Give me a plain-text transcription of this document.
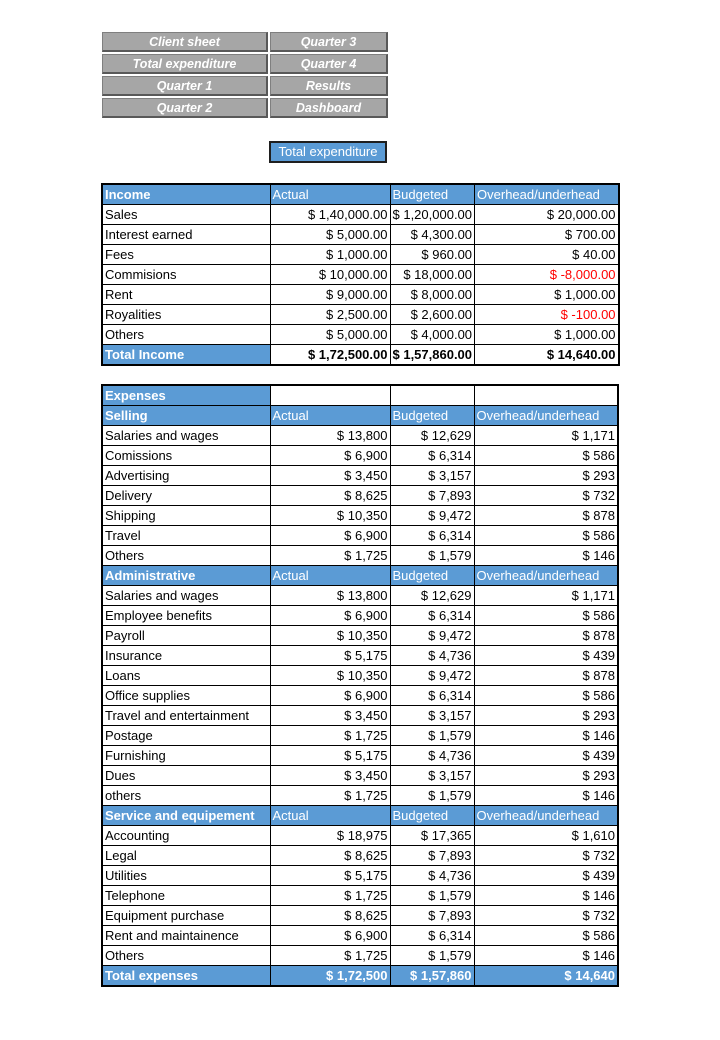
Client sheet	Quarter 3
Total expenditure	Quarter 4
Quarter 1	Results
Quarter 2	Dashboard
Total expenditure
Income	Actual	Budgeted	Overhead/underhead
Sales	$ 1,40,000.00	$ 1,20,000.00	$ 20,000.00
Interest earned	$ 5,000.00	$ 4,300.00	$ 700.00
Fees	$ 1,000.00	$ 960.00	$ 40.00
Commisions	$ 10,000.00	$ 18,000.00	$ -8,000.00
Rent	$ 9,000.00	$ 8,000.00	$ 1,000.00
Royalities	$ 2,500.00	$ 2,600.00	$ -100.00
Others	$ 5,000.00	$ 4,000.00	$ 1,000.00
Total Income	$ 1,72,500.00	$ 1,57,860.00	$ 14,640.00
Expenses			
Selling	Actual	Budgeted	Overhead/underhead
Salaries and wages	$ 13,800	$ 12,629	$ 1,171
Comissions	$ 6,900	$ 6,314	$ 586
Advertising	$ 3,450	$ 3,157	$ 293
Delivery	$ 8,625	$ 7,893	$ 732
Shipping	$ 10,350	$ 9,472	$ 878
Travel	$ 6,900	$ 6,314	$ 586
Others	$ 1,725	$ 1,579	$ 146
Administrative	Actual	Budgeted	Overhead/underhead
Salaries and wages	$ 13,800	$ 12,629	$ 1,171
Employee benefits	$ 6,900	$ 6,314	$ 586
Payroll	$ 10,350	$ 9,472	$ 878
Insurance	$ 5,175	$ 4,736	$ 439
Loans	$ 10,350	$ 9,472	$ 878
Office supplies	$ 6,900	$ 6,314	$ 586
Travel and entertainment	$ 3,450	$ 3,157	$ 293
Postage	$ 1,725	$ 1,579	$ 146
Furnishing	$ 5,175	$ 4,736	$ 439
Dues	$ 3,450	$ 3,157	$ 293
others	$ 1,725	$ 1,579	$ 146
Service and equipement	Actual	Budgeted	Overhead/underhead
Accounting	$ 18,975	$ 17,365	$ 1,610
Legal	$ 8,625	$ 7,893	$ 732
Utilities	$ 5,175	$ 4,736	$ 439
Telephone	$ 1,725	$ 1,579	$ 146
Equipment purchase	$ 8,625	$ 7,893	$ 732
Rent and maintainence	$ 6,900	$ 6,314	$ 586
Others	$ 1,725	$ 1,579	$ 146
Total expenses	$ 1,72,500	$ 1,57,860	$ 14,640
